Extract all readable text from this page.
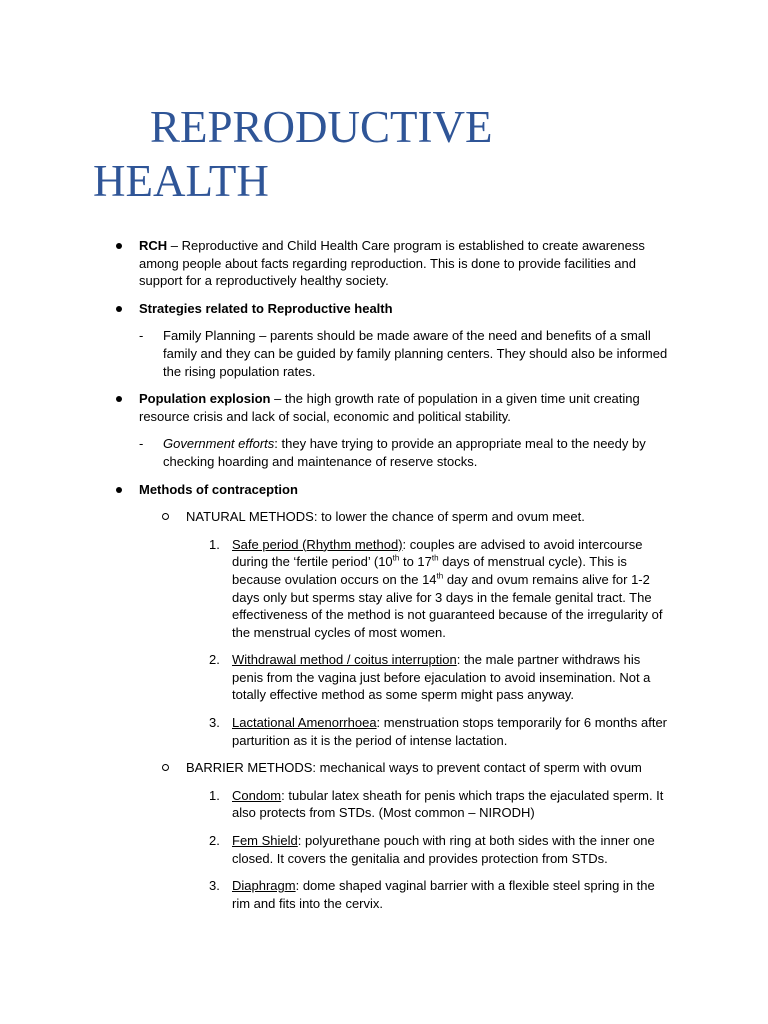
REPRODUCTIVE
HEALTH
RCH – Reproductive and Child Health Care program is established to create awareness among people about facts regarding reproduction. This is done to provide facilities and support for a reproductively healthy society.
Strategies related to Reproductive health
- Family Planning – parents should be made aware of the need and benefits of a small family and they can be guided by family planning centers. They should also be informed the rising population rates.
Population explosion – the high growth rate of population in a given time unit creating resource crisis and lack of social, economic and political stability.
- Government efforts: they have trying to provide an appropriate meal to the needy by checking hoarding and maintenance of reserve stocks.
Methods of contraception
NATURAL METHODS: to lower the chance of sperm and ovum meet.
1. Safe period (Rhythm method): couples are advised to avoid intercourse during the ‘fertile period’ (10th to 17th days of menstrual cycle). This is because ovulation occurs on the 14th day and ovum remains alive for 1-2 days only but sperms stay alive for 3 days in the female genital tract. The effectiveness of the method is not guaranteed because of the irregularity of the menstrual cycles of most women.
2. Withdrawal method / coitus interruption: the male partner withdraws his penis from the vagina just before ejaculation to avoid insemination. Not a totally effective method as some sperm might pass anyway.
3. Lactational Amenorrhoea: menstruation stops temporarily for 6 months after parturition as it is the period of intense lactation.
BARRIER METHODS: mechanical ways to prevent contact of sperm with ovum
1. Condom: tubular latex sheath for penis which traps the ejaculated sperm. It also protects from STDs. (Most common – NIRODH)
2. Fem Shield: polyurethane pouch with ring at both sides with the inner one closed. It covers the genitalia and provides protection from STDs.
3. Diaphragm: dome shaped vaginal barrier with a flexible steel spring in the rim and fits into the cervix.
